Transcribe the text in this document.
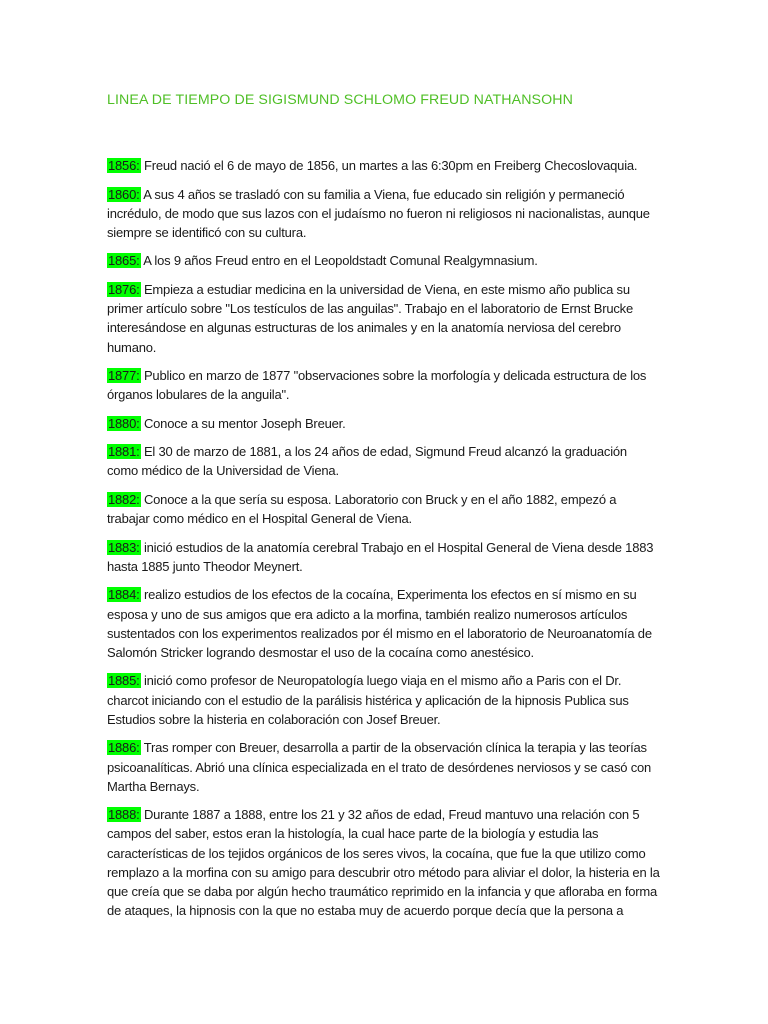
LINEA DE TIEMPO DE SIGISMUND SCHLOMO FREUD NATHANSOHN

1856: Freud nació el 6 de mayo de 1856, un martes a las 6:30pm en Freiberg Checoslovaquia.

1860: A sus 4 años se trasladó con su familia a Viena, fue educado sin religión y permaneció incrédulo, de modo que sus lazos con el judaísmo no fueron ni religiosos ni nacionalistas, aunque siempre se identificó con su cultura.

1865: A los 9 años Freud entro en el Leopoldstadt Comunal Realgymnasium.

1876: Empieza a estudiar medicina en la universidad de Viena, en este mismo año publica su primer artículo sobre "Los testículos de las anguilas". Trabajo en el laboratorio de Ernst Brucke interesándose en algunas estructuras de los animales y en la anatomía nerviosa del cerebro humano.

1877: Publico en marzo de 1877 "observaciones sobre la morfología y delicada estructura de los órganos lobulares de la anguila".

1880: Conoce a su mentor Joseph Breuer.

1881: El 30 de marzo de 1881, a los 24 años de edad, Sigmund Freud alcanzó la graduación como médico de la Universidad de Viena.

1882: Conoce a la que sería su esposa. Laboratorio con Bruck y en el año 1882, empezó a trabajar como médico en el Hospital General de Viena.

1883: inició estudios de la anatomía cerebral Trabajo en el Hospital General de Viena desde 1883 hasta 1885 junto Theodor Meynert.

1884: realizo estudios de los efectos de la cocaína, Experimenta los efectos en sí mismo en su esposa y uno de sus amigos que era adicto a la morfina, también realizo numerosos artículos sustentados con los experimentos realizados por él mismo en el laboratorio de Neuroanatomía de Salomón Stricker logrando desmostar el uso de la cocaína como anestésico.

1885: inició como profesor de Neuropatología luego viaja en el mismo año a Paris con el Dr. charcot iniciando con el estudio de la parálisis histérica y aplicación de la hipnosis Publica sus Estudios sobre la histeria en colaboración con Josef Breuer.

1886: Tras romper con Breuer, desarrolla a partir de la observación clínica la terapia y las teorías psicoanalíticas. Abrió una clínica especializada en el trato de desórdenes nerviosos y se casó con Martha Bernays.

1888: Durante 1887 a 1888, entre los 21 y 32 años de edad, Freud mantuvo una relación con 5 campos del saber, estos eran la histología, la cual hace parte de la biología y estudia las características de los tejidos orgánicos de los seres vivos, la cocaína, que fue la que utilizo como remplazo a la morfina con su amigo para descubrir otro método para aliviar el dolor, la histeria en la que creía que se daba por algún hecho traumático reprimido en la infancia y que afloraba en forma de ataques, la hipnosis con la que no estaba muy de acuerdo porque decía que la persona a
